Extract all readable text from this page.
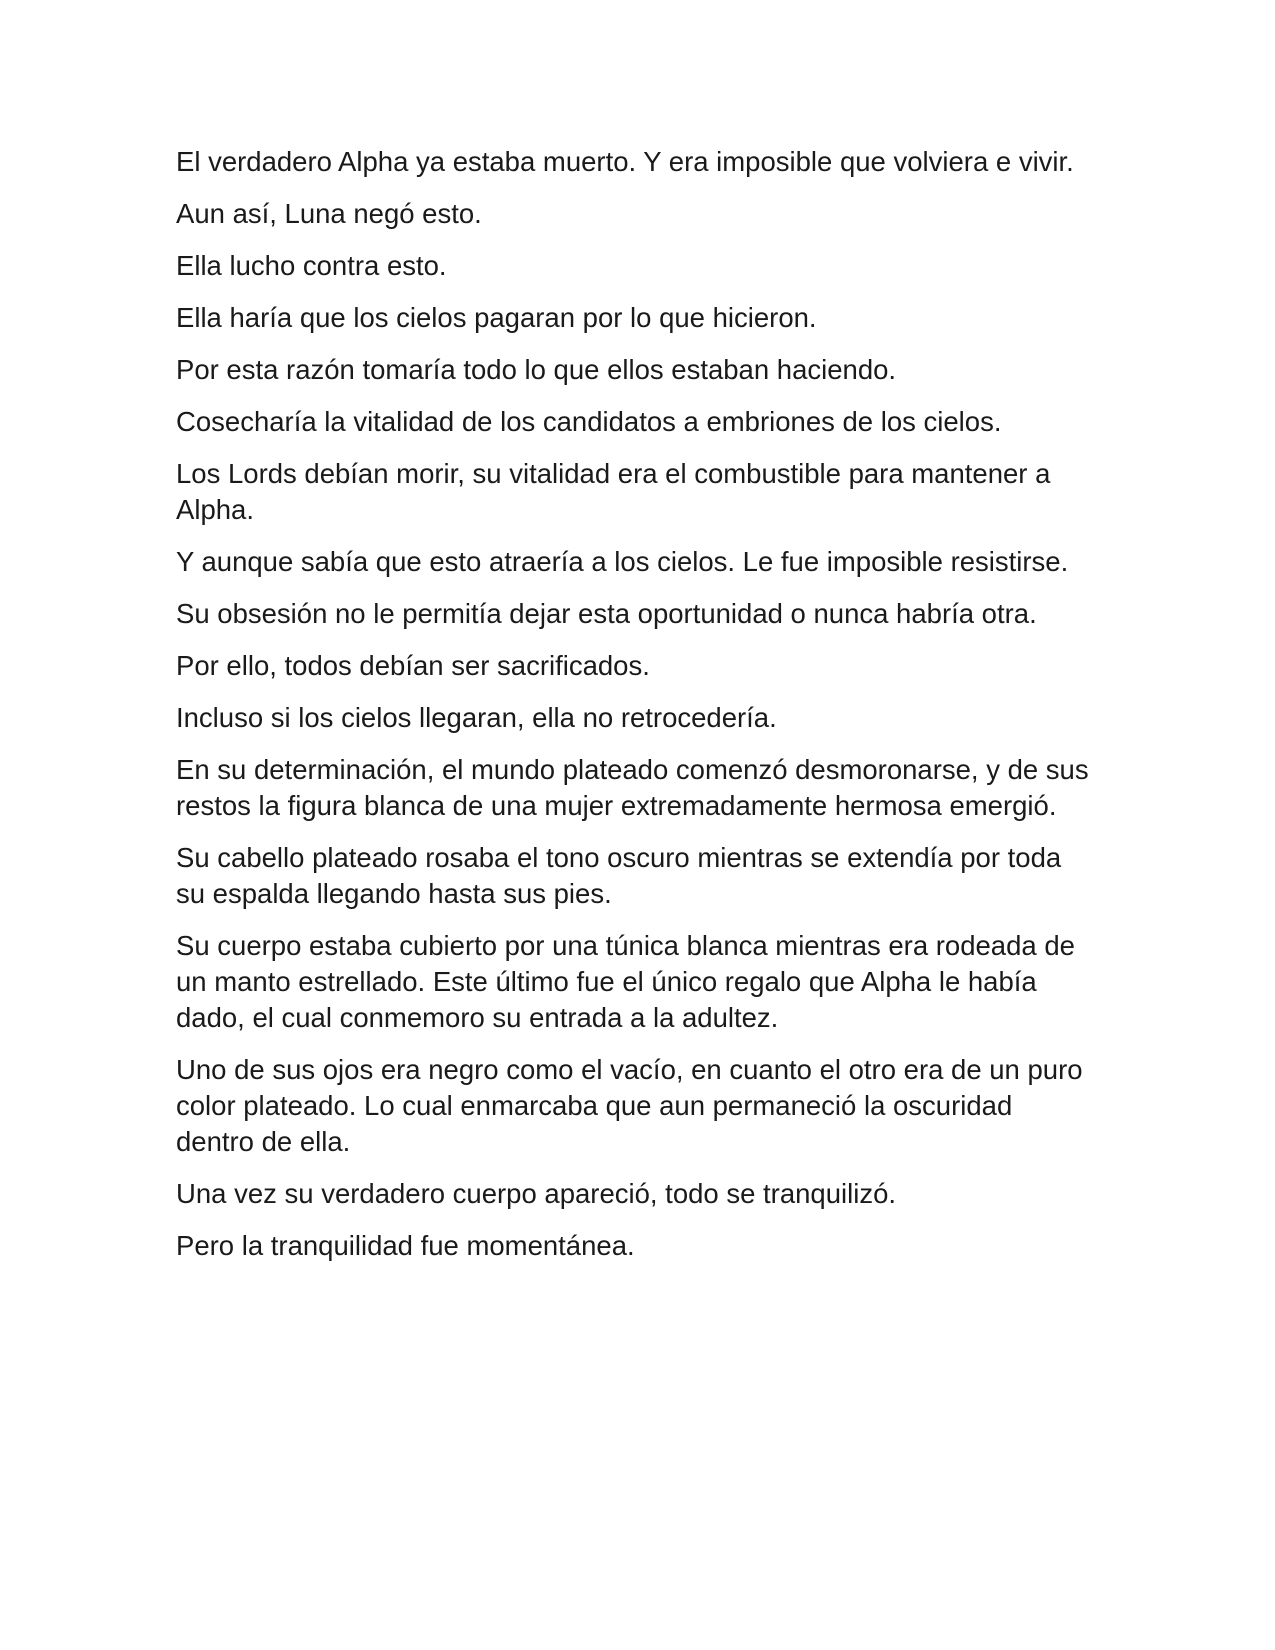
El verdadero Alpha ya estaba muerto. Y era imposible que volviera e vivir.

Aun así, Luna negó esto.

Ella lucho contra esto.

Ella haría que los cielos pagaran por lo que hicieron.

Por esta razón tomaría todo lo que ellos estaban haciendo.

Cosecharía la vitalidad de los candidatos a embriones de los cielos.

Los Lords debían morir, su vitalidad era el combustible para mantener a Alpha.

Y aunque sabía que esto atraería a los cielos. Le fue imposible resistirse.

Su obsesión no le permitía dejar esta oportunidad o nunca habría otra.

Por ello, todos debían ser sacrificados.

Incluso si los cielos llegaran, ella no retrocedería.

En su determinación, el mundo plateado comenzó desmoronarse, y de sus restos la figura blanca de una mujer extremadamente hermosa emergió.

Su cabello plateado rosaba el tono oscuro mientras se extendía por toda su espalda llegando hasta sus pies.

Su cuerpo estaba cubierto por una túnica blanca mientras era rodeada de un manto estrellado. Este último fue el único regalo que Alpha le había dado, el cual conmemoro su entrada a la adultez.

Uno de sus ojos era negro como el vacío, en cuanto el otro era de un puro color plateado. Lo cual enmarcaba que aun permaneció la oscuridad dentro de ella.

Una vez su verdadero cuerpo apareció, todo se tranquilizó.

Pero la tranquilidad fue momentánea.
